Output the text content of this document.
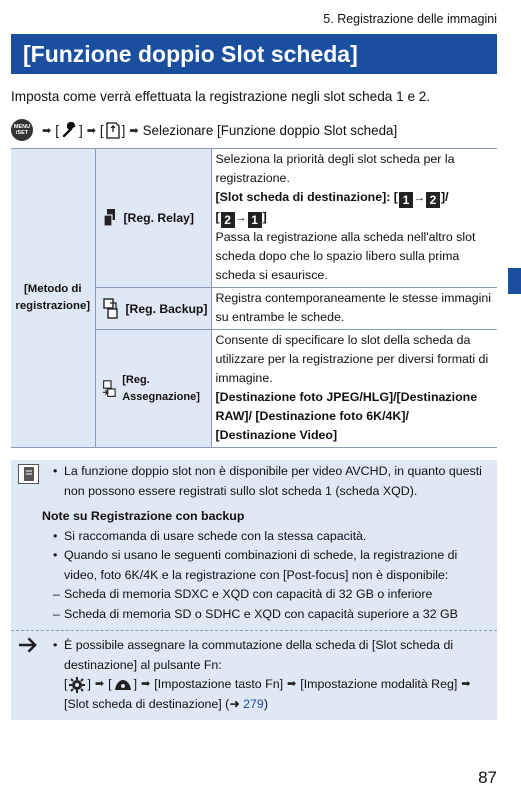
5. Registrazione delle immagini
[Funzione doppio Slot scheda]
Imposta come verrà effettuata la registrazione negli slot scheda 1 e 2.
MENU
/SET ➡ [ ] ➡ [ ] ➡ Selezionare [Funzione doppio Slot scheda]
[Metodo di registrazione]	[Reg. Relay]	Seleziona la priorità degli slot scheda per la registrazione.
[Slot scheda di destinazione]: [ 1 → 2 ]/
[ 2 → 1 ]
Passa la registrazione alla scheda nell'altro slot scheda dopo che lo spazio libero sulla prima scheda si esaurisce.

	[Reg. Backup]	Registra contemporaneamente le stesse immagini su entrambe le schede.

	[Reg. Assegnazione]	Consente di specificare lo slot della scheda da utilizzare per la registrazione per diversi formati di immagine.
[Destinazione foto JPEG/HLG]/[Destinazione RAW]/ [Destinazione foto 6K/4K]/ [Destinazione Video]
• La funzione doppio slot non è disponibile per video AVCHD, in quanto questi non possono essere registrati sullo slot scheda 1 (scheda XQD).
Note su Registrazione con backup
• Si raccomanda di usare schede con la stessa capacità.
• Quando si usano le seguenti combinazioni di schede, la registrazione di video, foto 6K/4K e la registrazione con [Post-focus] non è disponibile:
– Scheda di memoria SDXC e XQD con capacità di 32 GB o inferiore
– Scheda di memoria SD o SDHC e XQD con capacità superiore a 32 GB
• È possibile assegnare la commutazione della scheda di [Slot scheda di destinazione] al pulsante Fn:
[ ] ➡ [ ] ➡ [Impostazione tasto Fn] ➡ [Impostazione modalità Reg] ➡
[Slot scheda di destinazione] (➜ 279)
87
